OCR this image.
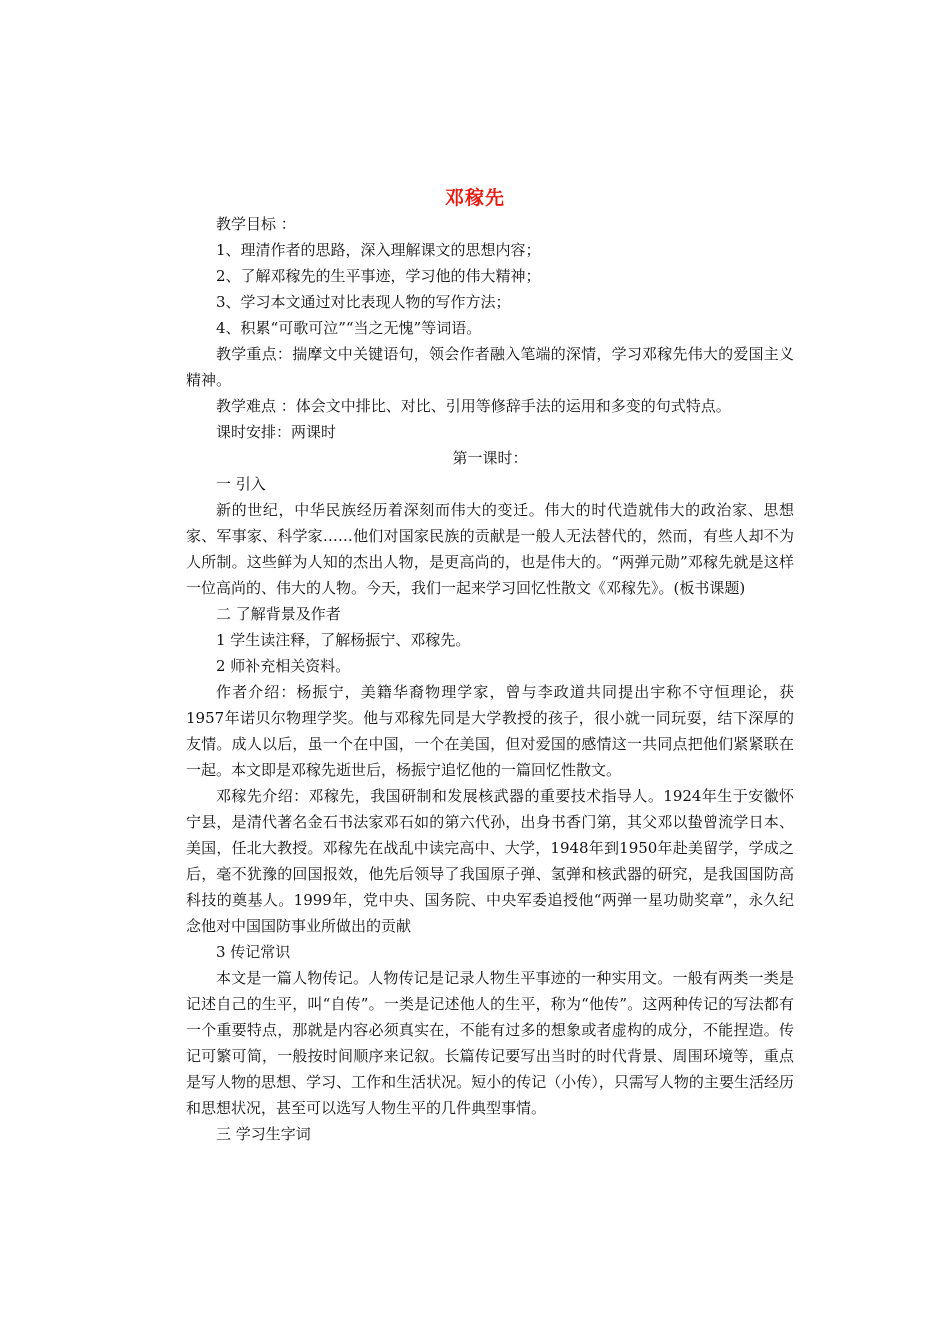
邓稼先
教学目标 ：
1、理清作者的思路，深入理解课文的思想内容；
2、了解邓稼先的生平事迹，学习他的伟大精神；
3、学习本文通过对比表现人物的写作方法；
4、积累“可歌可泣”“当之无愧”等词语。

教学重点：揣摩文中关键语句，领会作者融入笔端的深情，学习邓稼先伟大的爱国主义精神。

教学难点 ：体会文中排比、对比、引用等修辞手法的运用和多变的句式特点。

课时安排：两课时
第一课时：
一 引入

新的世纪，中华民族经历着深刻而伟大的变迁。伟大的时代造就伟大的政治家、思想家、军事家、科学家……他们对国家民族的贡献是一般人无法替代的，然而，有些人却不为人所制。这些鲜为人知的杰出人物，是更高尚的，也是伟大的。“两弹元勋”邓稼先就是这样一位高尚的、伟大的人物。今天，我们一起来学习回忆性散文《邓稼先》。(板书课题)

二 了解背景及作者
1 学生读注释，了解杨振宁、邓稼先。
2 师补充相关资料。

作者介绍：杨振宁，美籍华裔物理学家，曾与李政道共同提出宇称不守恒理论，获1957年诺贝尔物理学奖。他与邓稼先同是大学教授的孩子，很小就一同玩耍，结下深厚的友情。成人以后，虽一个在中国，一个在美国，但对爱国的感情这一共同点把他们紧紧联在一起。本文即是邓稼先逝世后，杨振宁追忆他的一篇回忆性散文。

邓稼先介绍：邓稼先，我国研制和发展核武器的重要技术指导人。1924年生于安徽怀宁县，是清代著名金石书法家邓石如的第六代孙，出身书香门第，其父邓以蛰曾流学日本、美国，任北大教授。邓稼先在战乱中读完高中、大学，1948年到1950年赴美留学，学成之后，毫不犹豫的回国报效，他先后领导了我国原子弹、氢弹和核武器的研究，是我国国防高科技的奠基人。1999年，党中央、国务院、中央军委追授他“两弹一星功勋奖章”，永久纪念他对中国国防事业所做出的贡献

3 传记常识

本文是一篇人物传记。人物传记是记录人物生平事迹的一种实用文。一般有两类一类是记述自己的生平，叫“自传”。一类是记述他人的生平，称为“他传”。这两种传记的写法都有一个重要特点，那就是内容必须真实在，不能有过多的想象或者虚构的成分，不能捏造。传记可繁可简，一般按时间顺序来记叙。长篇传记要写出当时的时代背景、周围环境等，重点是写人物的思想、学习、工作和生活状况。短小的传记（小传），只需写人物的主要生活经历和思想状况，甚至可以选写人物生平的几件典型事情。

三 学习生字词
